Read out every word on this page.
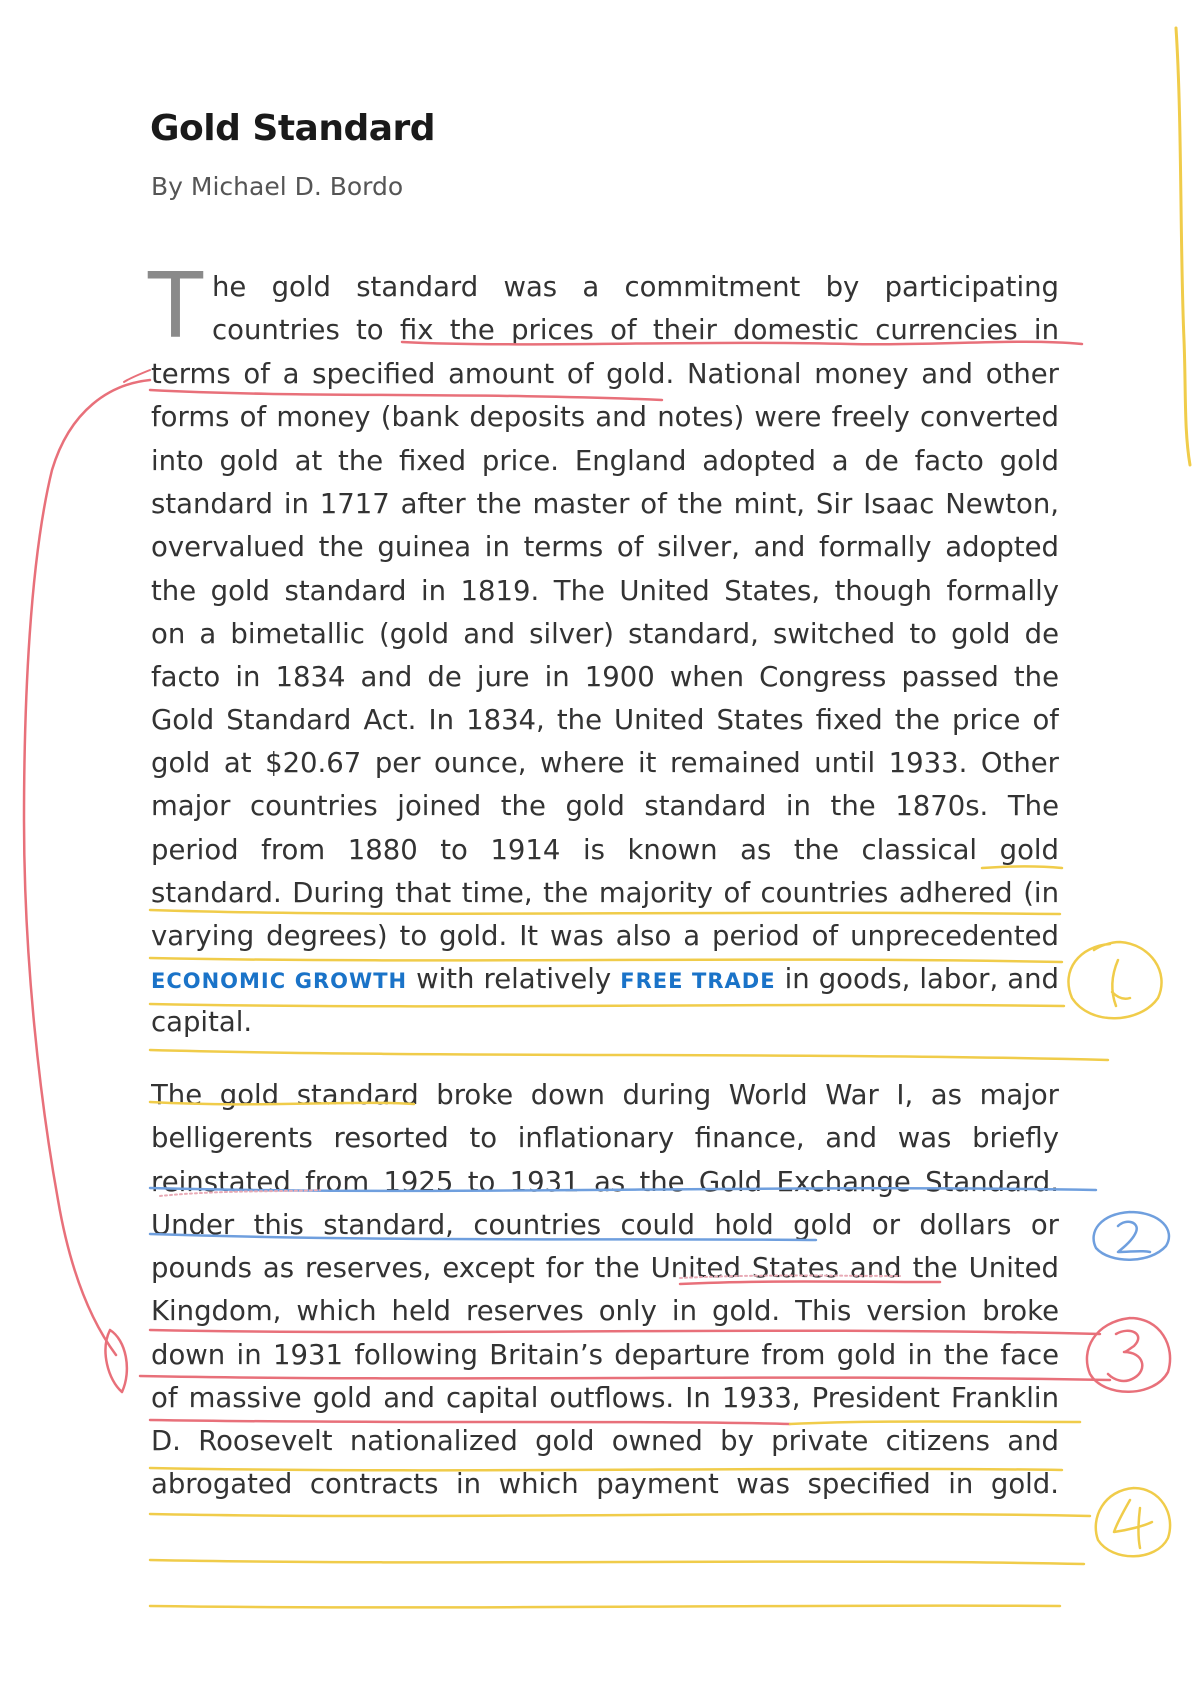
Gold Standard

By Michael D. Bordo

T he gold standard was a commitment by participating
countries to fix the prices of their domestic currencies in
terms of a specified amount of gold. National money and other
forms of money (bank deposits and notes) were freely converted
into gold at the fixed price. England adopted a de facto gold
standard in 1717 after the master of the mint, Sir Isaac Newton,
overvalued the guinea in terms of silver, and formally adopted
the gold standard in 1819. The United States, though formally
on a bimetallic (gold and silver) standard, switched to gold de
facto in 1834 and de jure in 1900 when Congress passed the
Gold Standard Act. In 1834, the United States fixed the price of
gold at $20.67 per ounce, where it remained until 1933. Other
major countries joined the gold standard in the 1870s. The
period from 1880 to 1914 is known as the classical gold
standard. During that time, the majority of countries adhered (in
varying degrees) to gold. It was also a period of unprecedented
ECONOMIC GROWTH with relatively FREE TRADE in goods, labor, and
capital.
The gold standard broke down during World War I, as major
belligerents resorted to inflationary finance, and was briefly
reinstated from 1925 to 1931 as the Gold Exchange Standard.
Under this standard, countries could hold gold or dollars or
pounds as reserves, except for the United States and the United
Kingdom, which held reserves only in gold. This version broke
down in 1931 following Britain’s departure from gold in the face
of massive gold and capital outflows. In 1933, President Franklin
D. Roosevelt nationalized gold owned by private citizens and
abrogated contracts in which payment was specified in gold.
